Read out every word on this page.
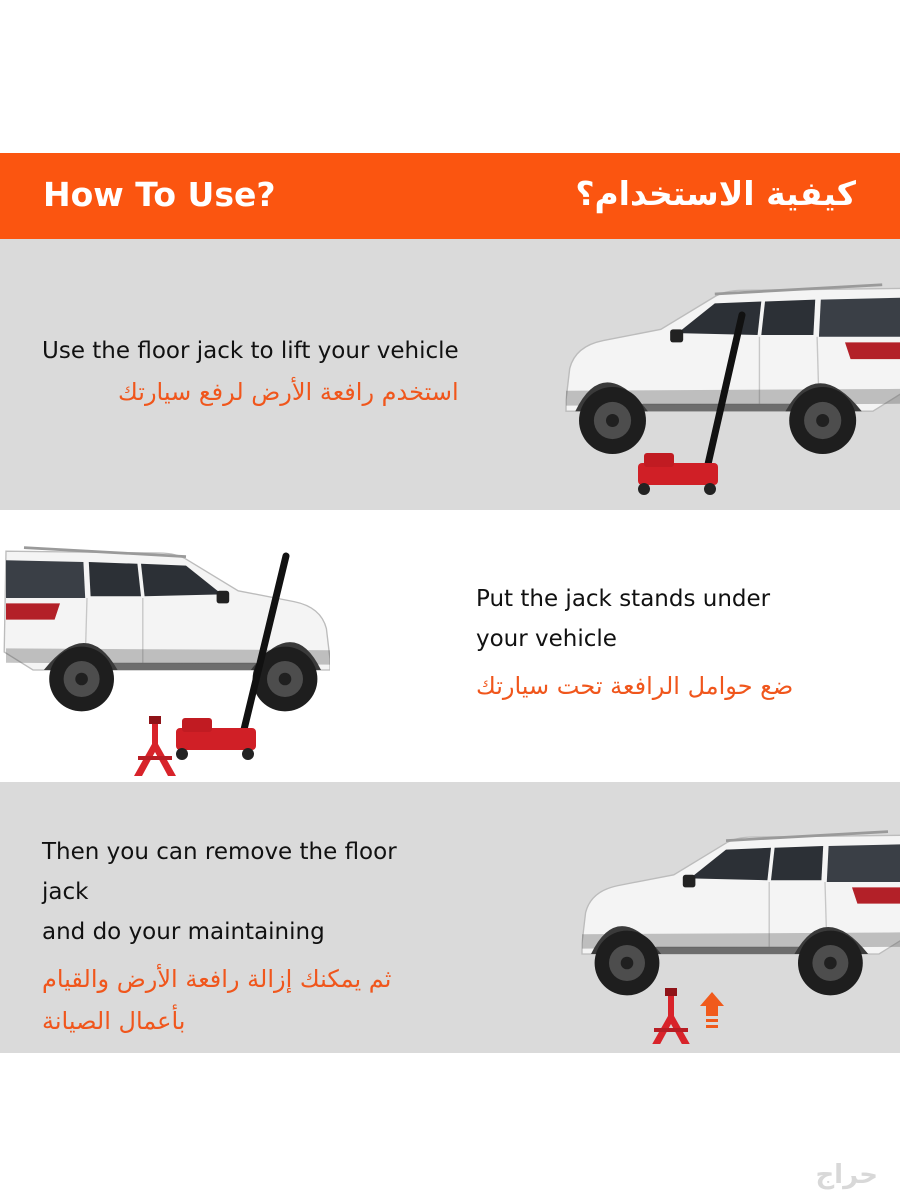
How To Use?	كيفية الاستخدام؟

Use the floor jack to lift your vehicle

استخدم رافعة الأرض لرفع سيارتك

Put the jack stands under

your vehicle

ضع حوامل الرافعة تحت سيارتك

Then you can remove the floor jack

and do your maintaining

ثم يمكنك إزالة رافعة الأرض والقيام

بأعمال الصيانة

حراج
